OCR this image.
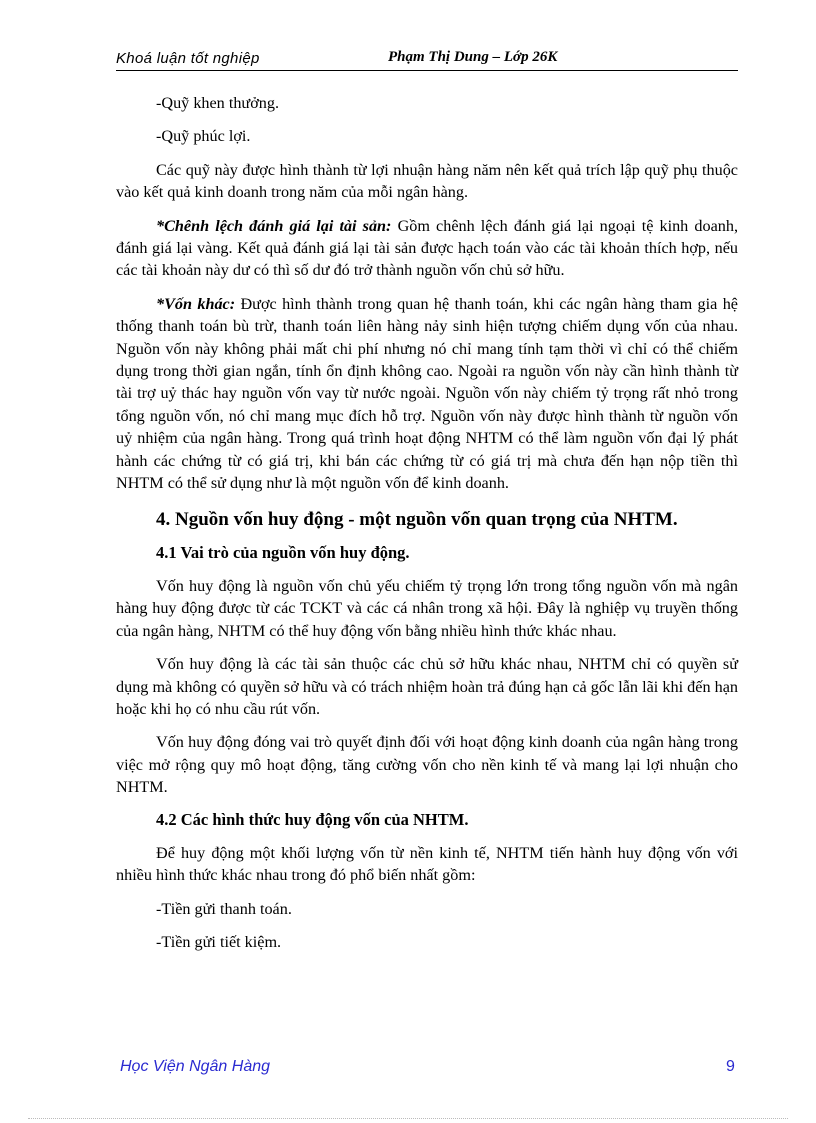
Khoá luận tốt nghiệp	Phạm Thị Dung – Lớp 26K

-Quỹ khen thưởng.

-Quỹ phúc lợi.

Các quỹ này được hình thành từ lợi nhuận hàng năm nên kết quả trích lập quỹ phụ thuộc vào kết quả kinh doanh trong năm của mỗi ngân hàng.

*Chênh lệch đánh giá lại tài sản: Gồm chênh lệch đánh giá lại ngoại tệ kinh doanh, đánh giá lại vàng. Kết quả đánh giá lại tài sản được hạch toán vào các tài khoản thích hợp, nếu các tài khoản này dư có thì số dư đó trở thành nguồn vốn chủ sở hữu.

*Vốn khác: Được hình thành trong quan hệ thanh toán, khi các ngân hàng tham gia hệ thống thanh toán bù trừ, thanh toán liên hàng nảy sinh hiện tượng chiếm dụng vốn của nhau. Nguồn vốn này không phải mất chi phí nhưng nó chỉ mang tính tạm thời vì chỉ có thể chiếm dụng trong thời gian ngắn, tính ổn định không cao. Ngoài ra nguồn vốn này cần hình thành từ tài trợ uỷ thác hay nguồn vốn vay từ nước ngoài. Nguồn vốn này chiếm tỷ trọng rất nhỏ trong tổng nguồn vốn, nó chỉ mang mục đích hỗ trợ. Nguồn vốn này được hình thành từ nguồn vốn uỷ nhiệm của ngân hàng. Trong quá trình hoạt động NHTM có thể làm nguồn vốn đại lý phát hành các chứng từ có giá trị, khi bán các chứng từ có giá trị mà chưa đến hạn nộp tiền thì NHTM có thể sử dụng như là một nguồn vốn để kinh doanh.

4. Nguồn vốn huy động - một nguồn vốn quan trọng của NHTM.

4.1 Vai trò của nguồn vốn huy động.

Vốn huy động là nguồn vốn chủ yếu chiếm tỷ trọng lớn trong tổng nguồn vốn mà ngân hàng huy động được từ các TCKT và các cá nhân trong xã hội. Đây là nghiệp vụ truyền thống của ngân hàng, NHTM có thể huy động vốn bằng nhiều hình thức khác nhau.

Vốn huy động là các tài sản thuộc các chủ sở hữu khác nhau, NHTM chỉ có quyền sử dụng mà không có quyền sở hữu và có trách nhiệm hoàn trả đúng hạn cả gốc lẫn lãi khi đến hạn hoặc khi họ có nhu cầu rút vốn.

Vốn huy động đóng vai trò quyết định đối với hoạt động kinh doanh của ngân hàng trong việc mở rộng quy mô hoạt động, tăng cường vốn cho nền kinh tế và mang lại lợi nhuận cho NHTM.

4.2 Các hình thức huy động vốn của NHTM.

Để huy động một khối lượng vốn từ nền kinh tế, NHTM tiến hành huy động vốn với nhiều hình thức khác nhau trong đó phổ biến nhất gồm:

-Tiền gửi thanh toán.

-Tiền gửi tiết kiệm.

Học Viện Ngân Hàng	9
